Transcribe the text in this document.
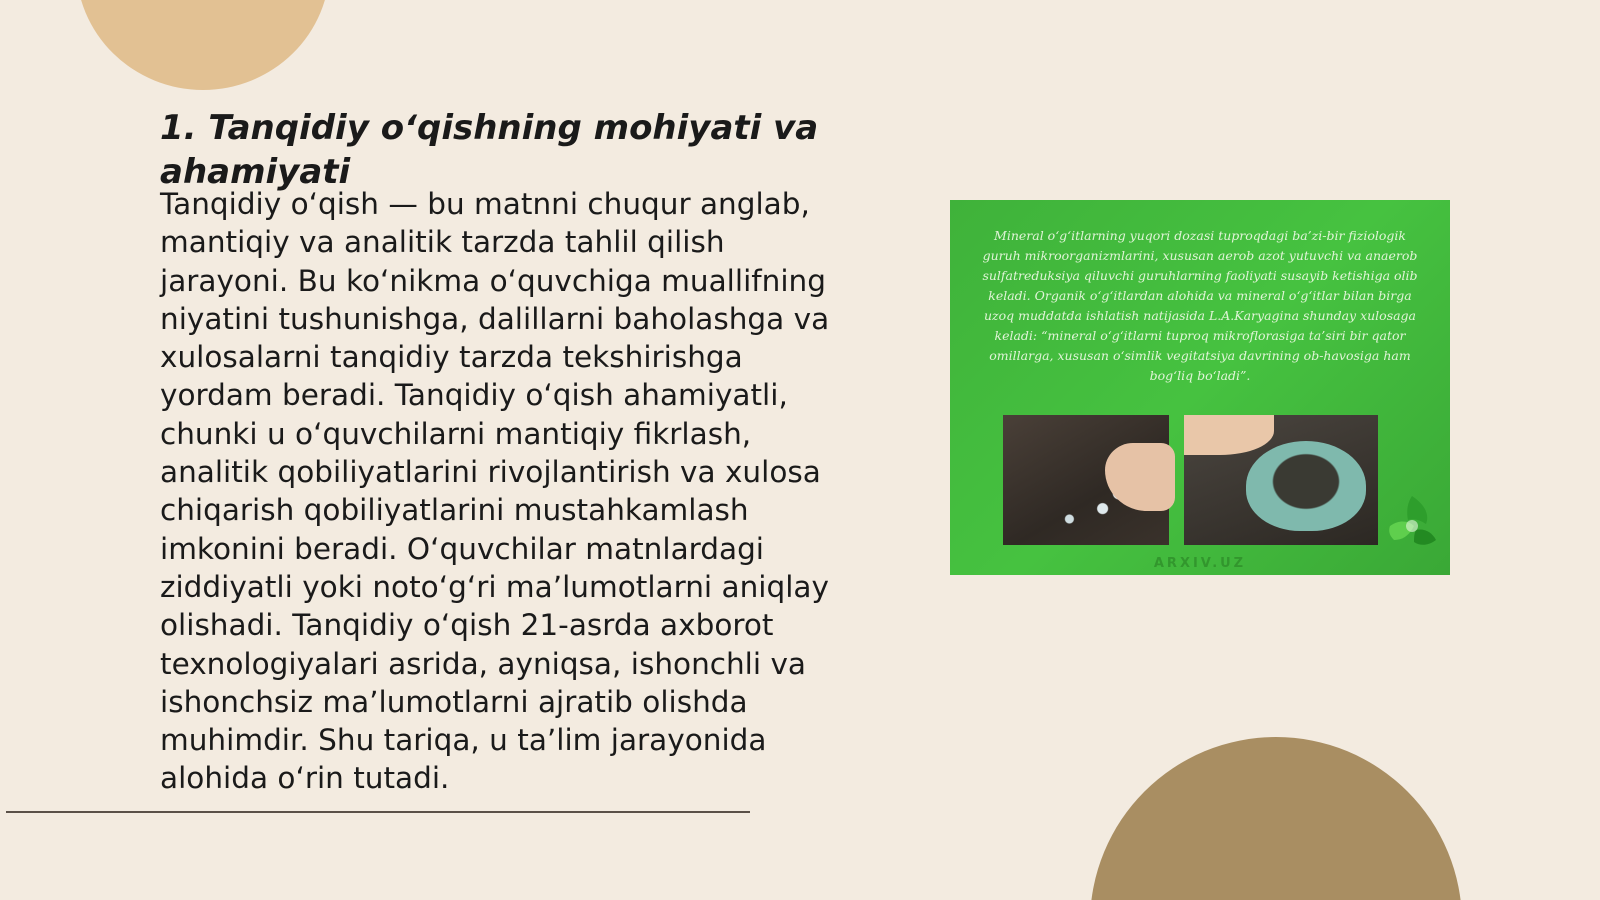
1. Tanqidiy o‘qishning mohiyati va ahamiyati

Tanqidiy o‘qish — bu matnni chuqur anglab, mantiqiy va analitik tarzda tahlil qilish jarayoni. Bu ko‘nikma o‘quvchiga muallifning niyatini tushunishga, dalillarni baholashga va xulosalarni tanqidiy tarzda tekshirishga yordam beradi. Tanqidiy o‘qish ahamiyatli, chunki u o‘quvchilarni mantiqiy fikrlash, analitik qobiliyatlarini rivojlantirish va xulosa chiqarish qobiliyatlarini mustahkamlash imkonini beradi. O‘quvchilar matnlardagi ziddiyatli yoki noto‘g‘ri ma’lumotlarni aniqlay olishadi. Tanqidiy o‘qish 21-asrda axborot texnologiyalari asrida, ayniqsa, ishonchli va ishonchsiz ma’lumotlarni ajratib olishda muhimdir. Shu tariqa, u ta’lim jarayonida alohida o‘rin tutadi.

Mineral o‘g‘itlarning yuqori dozasi tuproqdagi ba’zi-bir fiziologik guruh mikroorganizmlarini, xususan aerob azot yutuvchi va anaerob sulfatreduksiya qiluvchi guruhlarning faoliyati susayib ketishiga olib keladi. Organik o‘g‘itlardan alohida va mineral o‘g‘itlar bilan birga uzoq muddatda ishlatish natijasida L.A.Karyagina shunday xulosaga keladi: “mineral o‘g‘itlarni tuproq mikroflorasiga ta’siri bir qator omillarga, xususan o‘simlik vegitatsiya davrining ob-havosiga ham bog‘liq bo‘ladi”.

ARXIV.UZ
